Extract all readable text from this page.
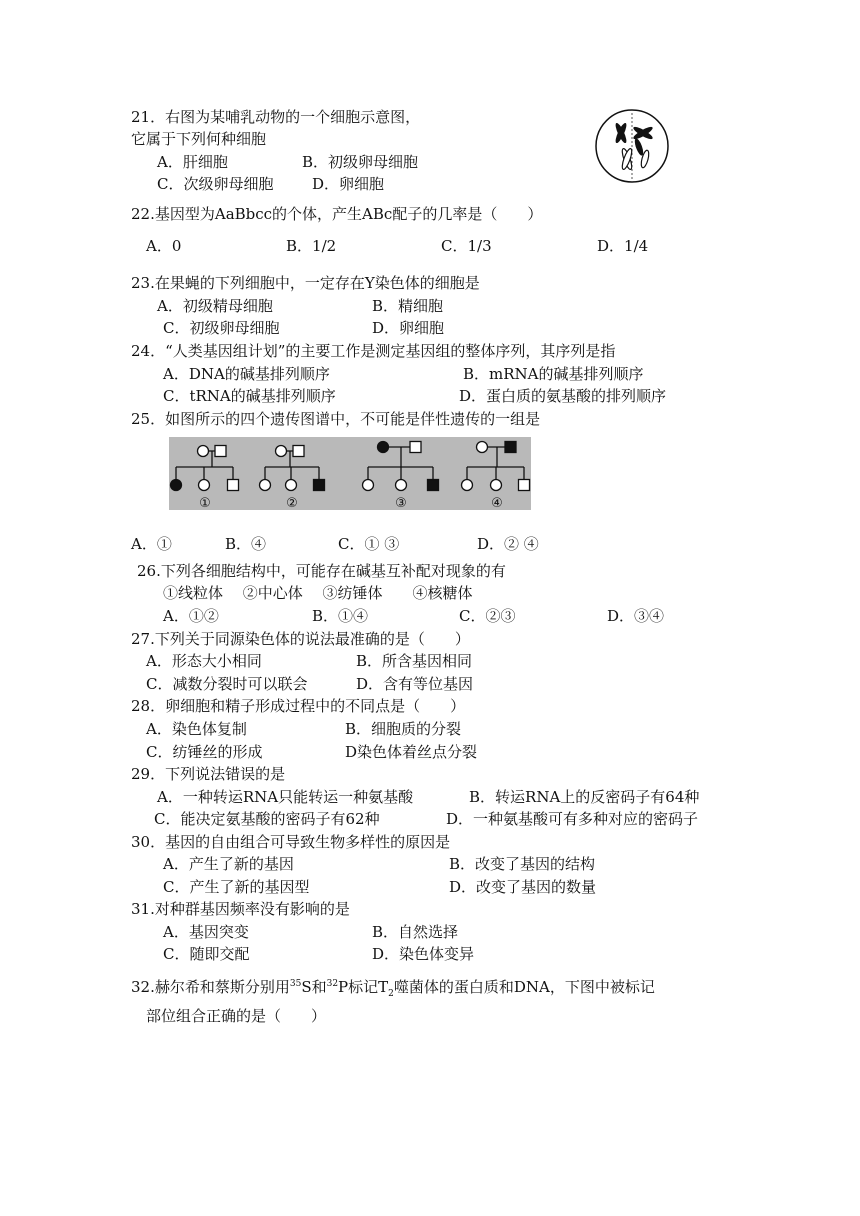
21．右图为某哺乳动物的一个细胞示意图，
它属于下列何种细胞
A．肝细胞	B．初级卵母细胞
C．次级卵母细胞	D．卵细胞
22.基因型为AaBbcc的个体，产生ABc配子的几率是（　　）
A．0	B．1/2	C．1/3	D．1/4
23.在果蝇的下列细胞中，一定存在Y染色体的细胞是
A．初级精母细胞	B．精细胞
C．初级卵母细胞	D．卵细胞
24．“人类基因组计划”的主要工作是测定基因组的整体序列，其序列是指
A．DNA的碱基排列顺序	B．mRNA的碱基排列顺序
C．tRNA的碱基排列顺序	D．蛋白质的氨基酸的排列顺序
25．如图所示的四个遗传图谱中，不可能是伴性遗传的一组是
①	②	③	④
A．①	B．④	C．① ③	D．② ④
26.下列各细胞结构中，可能存在碱基互补配对现象的有
①线粒体　 ②中心体　 ③纺锤体　　④核糖体
A．①②	B．①④	C．②③	D．③④
27.下列关于同源染色体的说法最准确的是（　　）
A．形态大小相同	B．所含基因相同
C．减数分裂时可以联会	D．含有等位基因
28．卵细胞和精子形成过程中的不同点是（　　）
A．染色体复制	B．细胞质的分裂
C．纺锤丝的形成	D染色体着丝点分裂
29．下列说法错误的是
A．一种转运RNA只能转运一种氨基酸	B．转运RNA上的反密码子有64种
C．能决定氨基酸的密码子有62种	D．一种氨基酸可有多种对应的密码子
30．基因的自由组合可导致生物多样性的原因是
A．产生了新的基因	B．改变了基因的结构
C．产生了新的基因型	D．改变了基因的数量
31.对种群基因频率没有影响的是
A．基因突变	B．自然选择
C．随即交配	D．染色体变异
32.赫尔希和蔡斯分别用$^{35}$S和$^{32}$P标记$T_2$噬菌体的蛋白质和DNA，下图中被标记
部位组合正确的是（　　）
